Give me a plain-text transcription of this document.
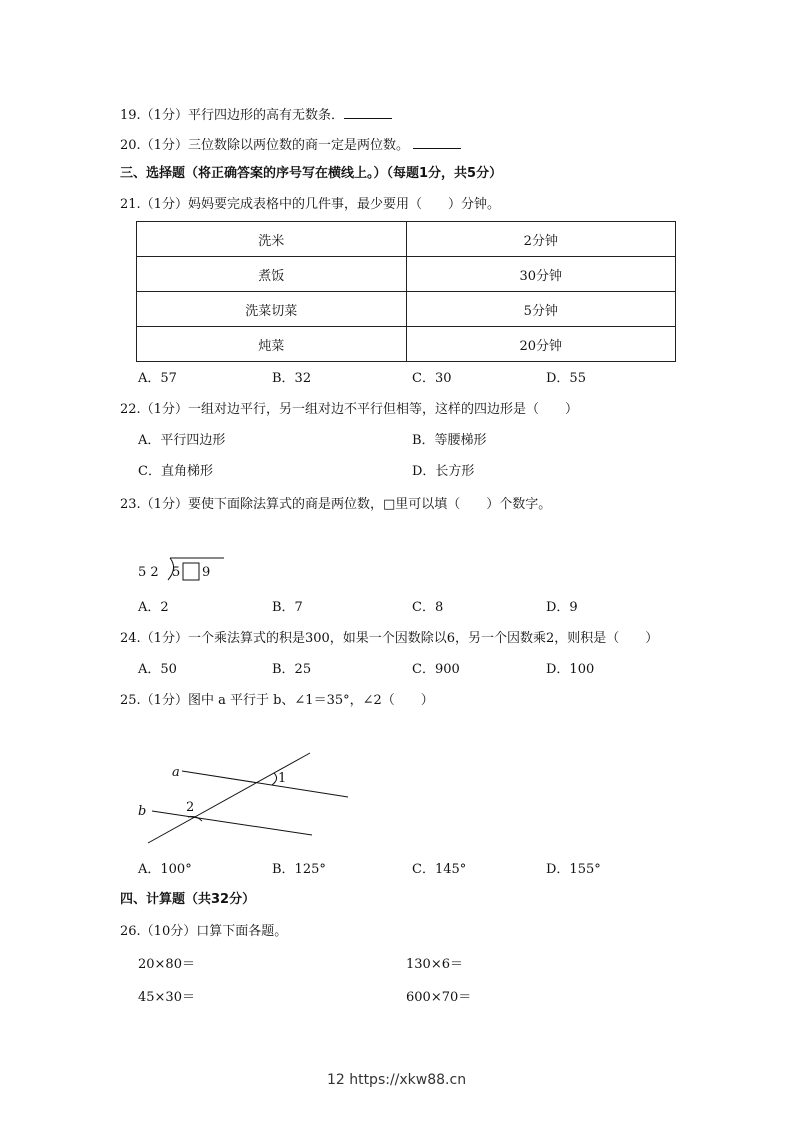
19.（1分）平行四边形的高有无数条．
20.（1分）三位数除以两位数的商一定是两位数。
三、选择题（将正确答案的序号写在横线上。）（每题1分，共5分）
21.（1分）妈妈要完成表格中的几件事，最少要用（　　）分钟。
洗米	2分钟
煮饭	30分钟
洗菜切菜	5分钟
炖菜	20分钟
A．57	B．32	C．30	D．55
22.（1分）一组对边平行，另一组对边不平行但相等，这样的四边形是（　　）
A．平行四边形	B．等腰梯形
C．直角梯形	D．长方形
23.（1分）要使下面除法算式的商是两位数，□里可以填（　　）个数字。
5 2 5 9
A．2	B．7	C．8	D．9
24.（1分）一个乘法算式的积是300，如果一个因数除以6，另一个因数乘2，则积是（　　）
A．50	B．25	C．900	D．100
25.（1分）图中 a 平行于 b、∠1＝35°，∠2（　　）
a
b
1
2
A．100°	B．125°	C．145°	D．155°
四、计算题（共32分）
26.（10分）口算下面各题。
20×80＝	130×6＝
45×30＝	600×70＝
12 https://xkw88.cn
